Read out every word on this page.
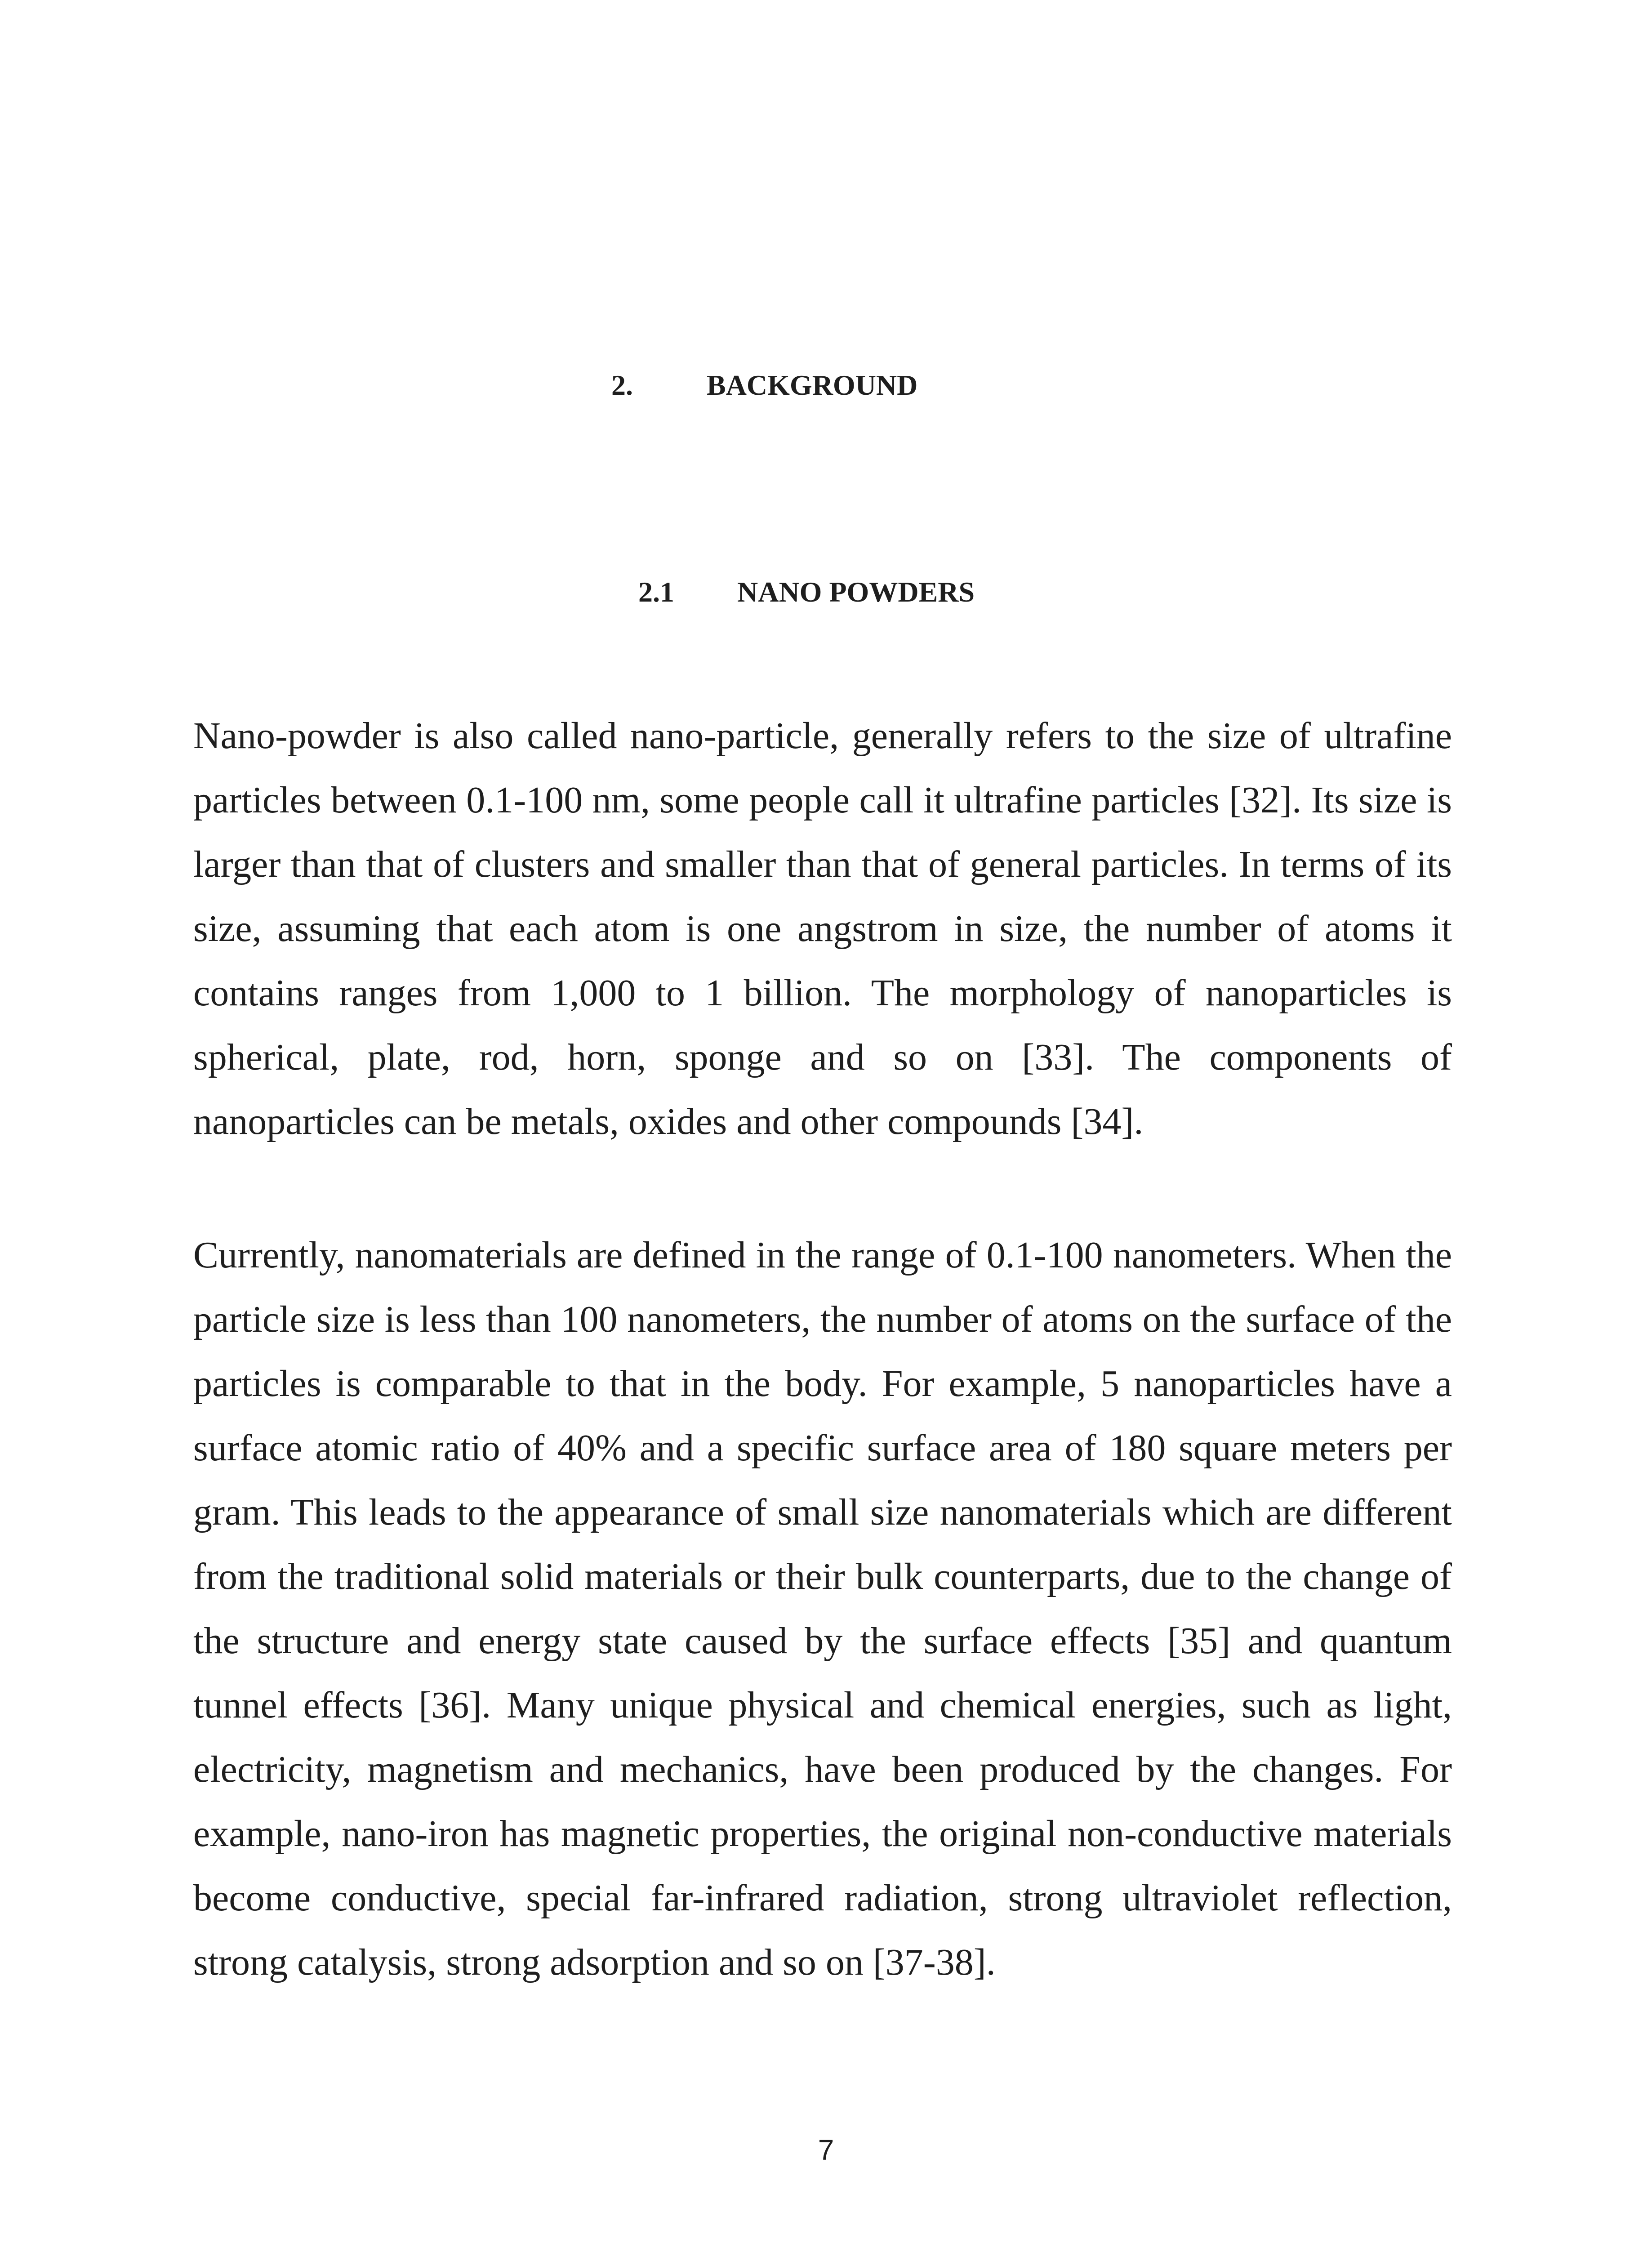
2.	BACKGROUND
2.1 NANO POWDERS

Nano-powder is also called nano-particle, generally refers to the size of ultrafine particles between 0.1-100 nm, some people call it ultrafine particles [32]. Its size is larger than that of clusters and smaller than that of general particles. In terms of its size, assuming that each atom is one angstrom in size, the number of atoms it contains ranges from 1,000 to 1 billion. The morphology of nanoparticles is spherical, plate, rod, horn, sponge and so on [33]. The components of nanoparticles can be metals, oxides and other compounds [34].

Currently, nanomaterials are defined in the range of 0.1-100 nanometers. When the particle size is less than 100 nanometers, the number of atoms on the surface of the particles is comparable to that in the body. For example, 5 nanoparticles have a surface atomic ratio of 40% and a specific surface area of 180 square meters per gram. This leads to the appearance of small size nanomaterials which are different from the traditional solid materials or their bulk counterparts, due to the change of the structure and energy state caused by the surface effects [35] and quantum tunnel effects [36]. Many unique physical and chemical energies, such as light, electricity, magnetism and mechanics, have been produced by the changes. For example, nano-iron has magnetic properties, the original non-conductive materials become conductive, special far-infrared radiation, strong ultraviolet reflection, strong catalysis, strong adsorption and so on [37-38].

7
